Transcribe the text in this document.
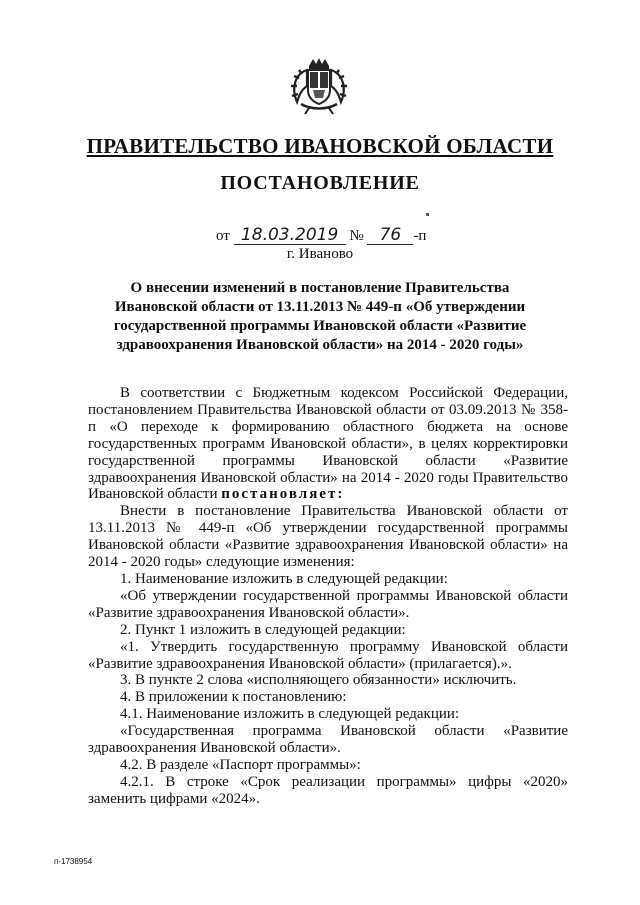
ПРАВИТЕЛЬСТВО ИВАНОВСКОЙ ОБЛАСТИ
ПОСТАНОВЛЕНИЕ
от 18.03.2019 № 76 -п
г. Иваново
О внесении изменений в постановление Правительства
Ивановской области от 13.11.2013 № 449-п «Об утверждении
государственной программы Ивановской области «Развитие
здравоохранения Ивановской области» на 2014 - 2020 годы»

В соответствии с Бюджетным кодексом Российской Федерации, постановлением Правительства Ивановской области от 03.09.2013 № 358-п «О переходе к формированию областного бюджета на основе государственных программ Ивановской области», в целях корректировки государственной программы Ивановской области «Развитие здравоохранения Ивановской области» на 2014 - 2020 годы Правительство Ивановской области постановляет:

Внести в постановление Правительства Ивановской области от 13.11.2013 № 449-п «Об утверждении государственной программы Ивановской области «Развитие здравоохранения Ивановской области» на 2014 - 2020 годы» следующие изменения:

1. Наименование изложить в следующей редакции:

«Об утверждении государственной программы Ивановской области «Развитие здравоохранения Ивановской области».

2. Пункт 1 изложить в следующей редакции:

«1. Утвердить государственную программу Ивановской области «Развитие здравоохранения Ивановской области» (прилагается).».

3. В пункте 2 слова «исполняющего обязанности» исключить.

4. В приложении к постановлению:

4.1. Наименование изложить в следующей редакции:

«Государственная программа Ивановской области «Развитие здравоохранения Ивановской области».

4.2. В разделе «Паспорт программы»:

4.2.1. В строке «Срок реализации программы» цифры «2020» заменить цифрами «2024».

п-1738954
